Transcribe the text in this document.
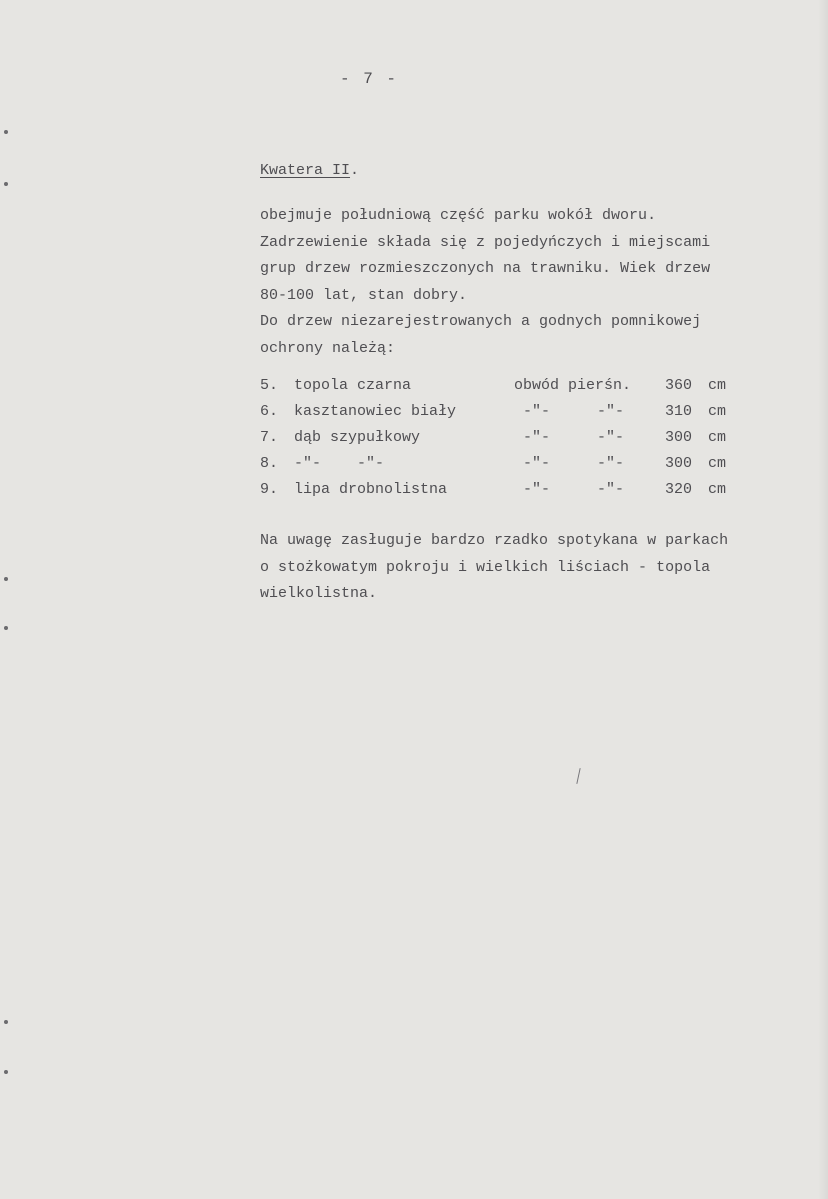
- 7 -
Kwatera II.
obejmuje południową część parku wokół dworu.
Zadrzewienie składa się z pojedyńczych i miejscami
grup drzew rozmieszczonych na trawniku. Wiek drzew
80-100 lat, stan dobry.
Do drzew niezarejestrowanych a godnych pomnikowej
ochrony należą:
5. topola czarna	obwód pierśn. 360 cm
6. kasztanowiec biały	-"-	-"-	310 cm
7. dąb szypułkowy	-"-	-"-	300 cm
8. -"-    -"-	-"-	-"-	300 cm
9. lipa drobnolistna	-"-	-"-	320 cm
Na uwagę zasługuje bardzo rzadko spotykana w parkach
o stożkowatym pokroju i wielkich liściach - topola
wielkolistna.
